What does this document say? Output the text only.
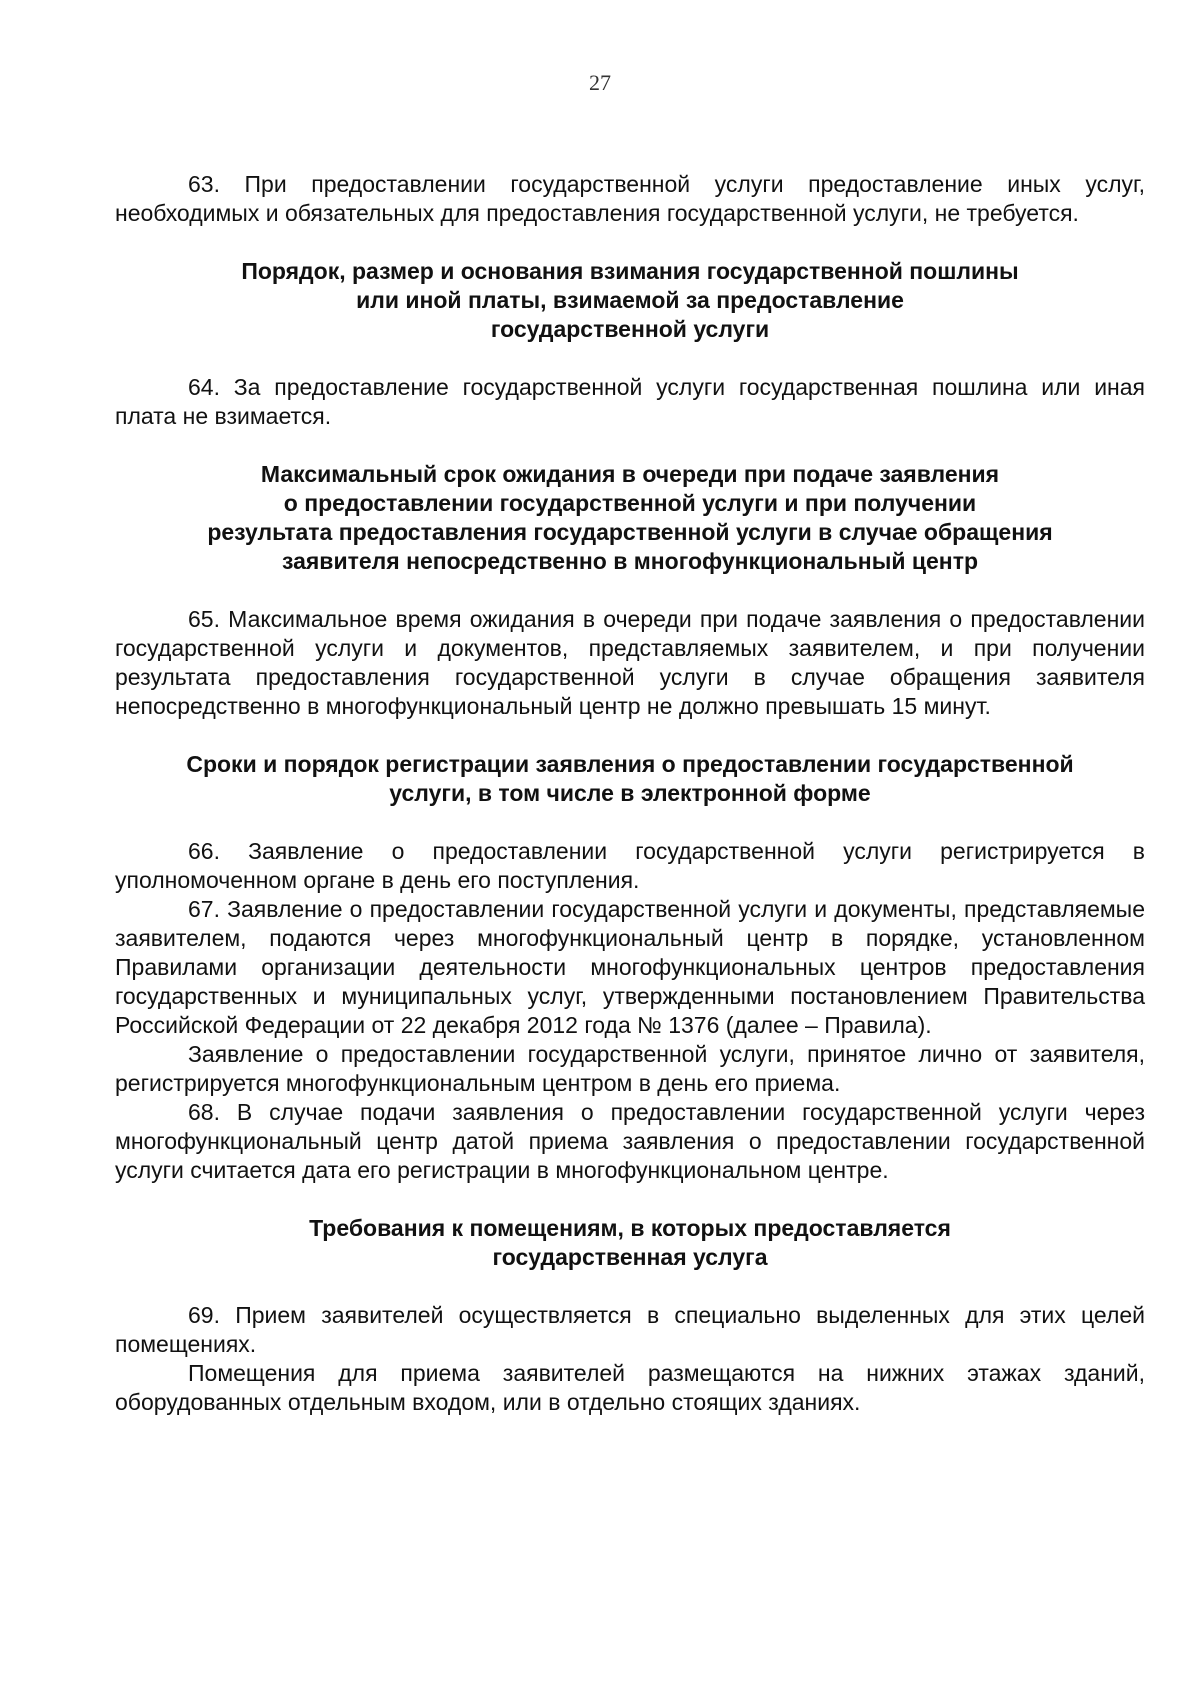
27

63. При предоставлении государственной услуги предоставление иных услуг, необходимых и обязательных для предоставления государственной услуги, не требуется.

Порядок, размер и основания взимания государственной пошлины
или иной платы, взимаемой за предоставление
государственной услуги

64. За предоставление государственной услуги государственная пошлина или иная плата не взимается.

Максимальный срок ожидания в очереди при подаче заявления
о предоставлении государственной услуги и при получении
результата предоставления государственной услуги в случае обращения
заявителя непосредственно в многофункциональный центр

65. Максимальное время ожидания в очереди при подаче заявления о предоставлении государственной услуги и документов, представляемых заявителем, и при получении результата предоставления государственной услуги в случае обращения заявителя непосредственно в многофункциональный центр не должно превышать 15 минут.

Сроки и порядок регистрации заявления о предоставлении государственной
услуги, в том числе в электронной форме

66. Заявление о предоставлении государственной услуги регистрируется в уполномоченном органе в день его поступления.

67. Заявление о предоставлении государственной услуги и документы, представляемые заявителем, подаются через многофункциональный центр в порядке, установленном Правилами организации деятельности многофункциональных центров предоставления государственных и муниципальных услуг, утвержденными постановлением Правительства Российской Федерации от 22 декабря 2012 года № 1376 (далее – Правила).

Заявление о предоставлении государственной услуги, принятое лично от заявителя, регистрируется многофункциональным центром в день его приема.

68. В случае подачи заявления о предоставлении государственной услуги через многофункциональный центр датой приема заявления о предоставлении государственной услуги считается дата его регистрации в многофункциональном центре.

Требования к помещениям, в которых предоставляется
государственная услуга

69. Прием заявителей осуществляется в специально выделенных для этих целей помещениях.

Помещения для приема заявителей размещаются на нижних этажах зданий, оборудованных отдельным входом, или в отдельно стоящих зданиях.
